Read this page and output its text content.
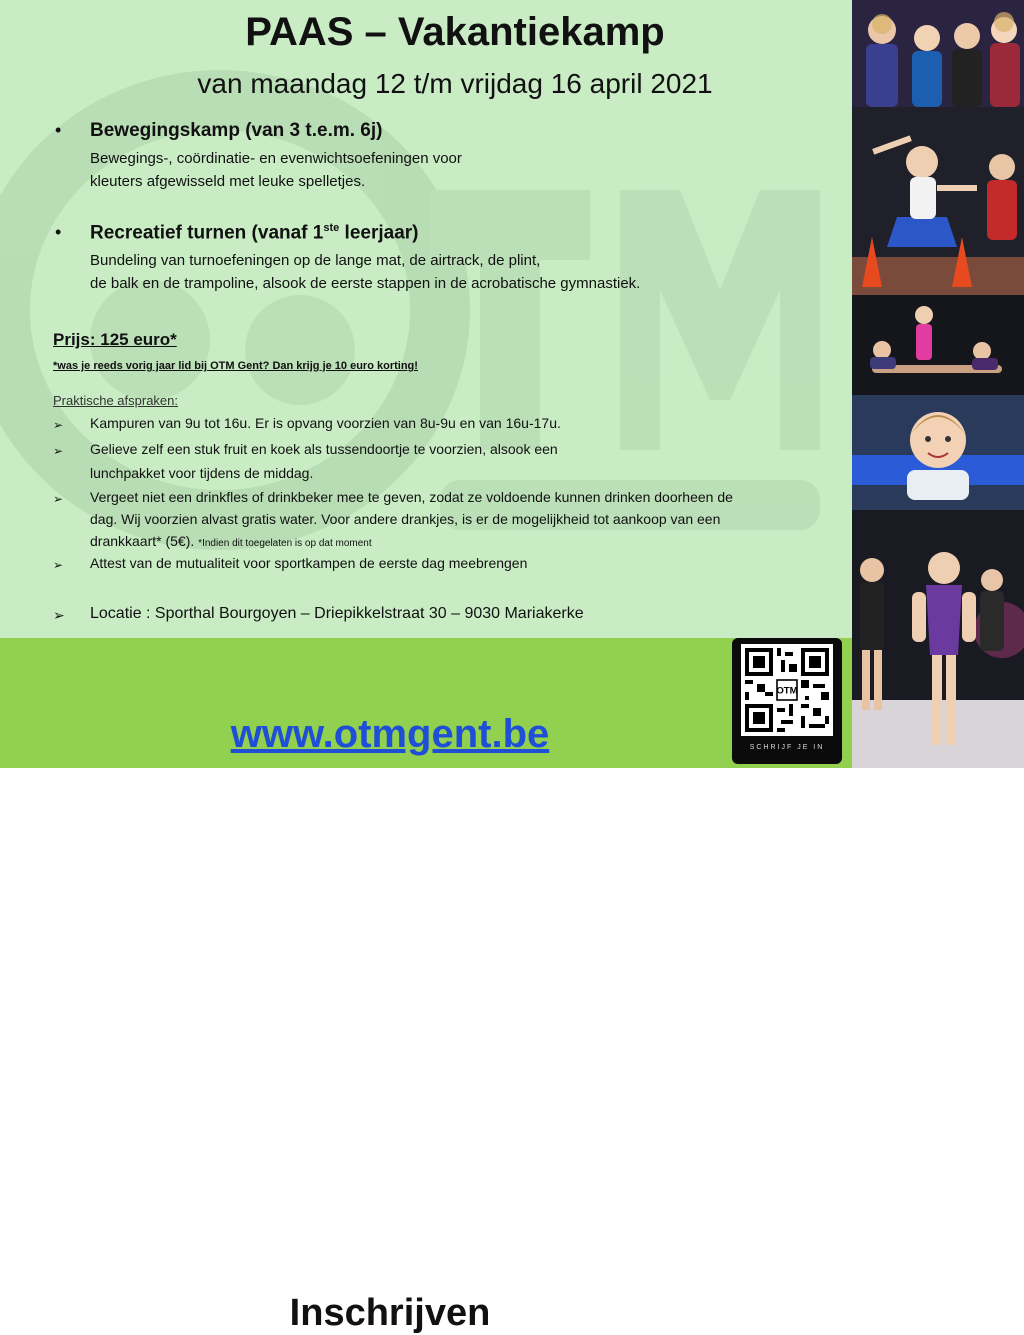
PAAS – Vakantiekamp
van maandag 12 t/m vrijdag 16 april 2021
• Bewegingskamp (van 3 t.e.m. 6j)
Bewegings-, coördinatie- en evenwichtsoefeningen voor
kleuters afgewisseld met leuke spelletjes.
• Recreatief turnen (vanaf 1ste leerjaar)
Bundeling van turnoefeningen op de lange mat, de airtrack, de plint,
de balk en de trampoline, alsook de eerste stappen in de acrobatische gymnastiek.
Prijs: 125 euro*
*was je reeds vorig jaar lid bij OTM Gent? Dan krijg je 10 euro korting!
Praktische afspraken:
➢ Kampuren van 9u tot 16u. Er is opvang voorzien van 8u-9u en van 16u-17u.
➢ Gelieve zelf een stuk fruit en koek als tussendoortje te voorzien, alsook een
lunchpakket voor tijdens de middag.
➢ Vergeet niet een drinkfles of drinkbeker mee te geven, zodat ze voldoende kunnen drinken doorheen de
dag. Wij voorzien alvast gratis water. Voor andere drankjes, is er de mogelijkheid tot aankoop van een
drankkaart* (5€). *Indien dit toegelaten is op dat moment
➢ Attest van de mutualiteit voor sportkampen de eerste dag meebrengen
➢ Locatie : Sporthal Bourgoyen – Driepikkelstraat 30 – 9030 Mariakerke
Inschrijven
www.otmgent.be
OTM
SCHRIJF JE IN
